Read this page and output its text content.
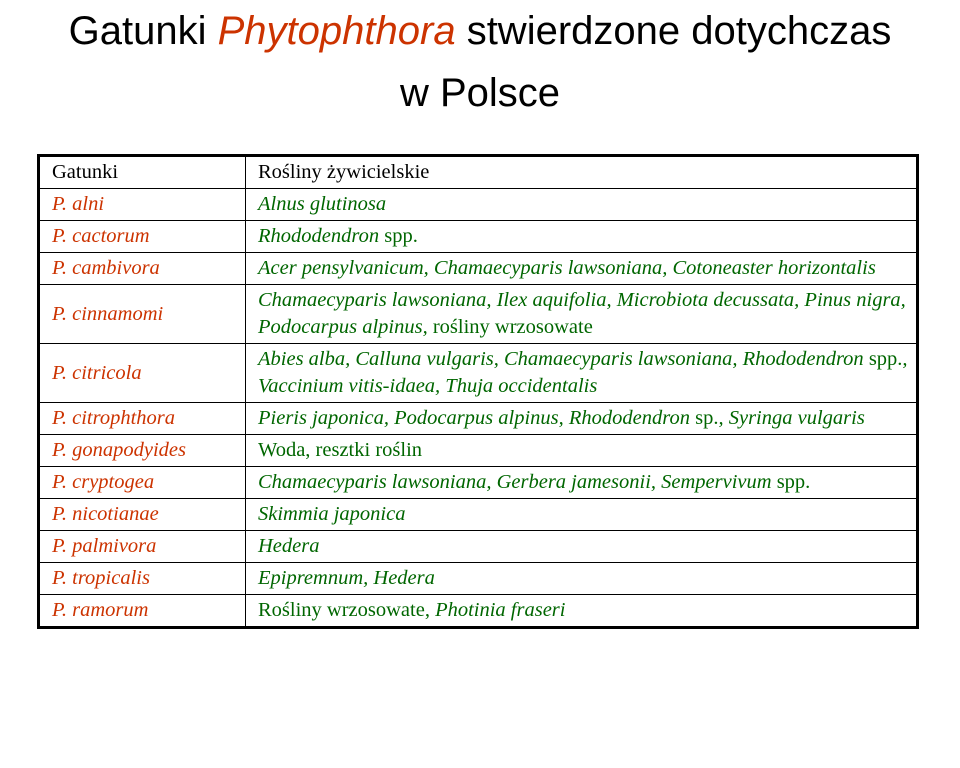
Gatunki Phytophthora stwierdzone dotychczas
w Polsce
Gatunki	Rośliny żywicielskie
P. alni	Alnus glutinosa
P. cactorum	Rhododendron spp.
P. cambivora	Acer pensylvanicum, Chamaecyparis lawsoniana, Cotoneaster horizontalis
P. cinnamomi	Chamaecyparis lawsoniana, Ilex aquifolia, Microbiota decussata, Pinus nigra, Podocarpus alpinus, rośliny wrzosowate
P. citricola	Abies alba, Calluna vulgaris, Chamaecyparis lawsoniana, Rhododendron spp., Vaccinium vitis-idaea, Thuja occidentalis
P. citrophthora	Pieris japonica, Podocarpus alpinus, Rhododendron sp., Syringa vulgaris
P. gonapodyides	Woda, resztki roślin
P. cryptogea	Chamaecyparis lawsoniana, Gerbera jamesonii, Sempervivum spp.
P. nicotianae	Skimmia japonica
P. palmivora	Hedera
P. tropicalis	Epipremnum, Hedera
P. ramorum	Rośliny wrzosowate, Photinia fraseri
